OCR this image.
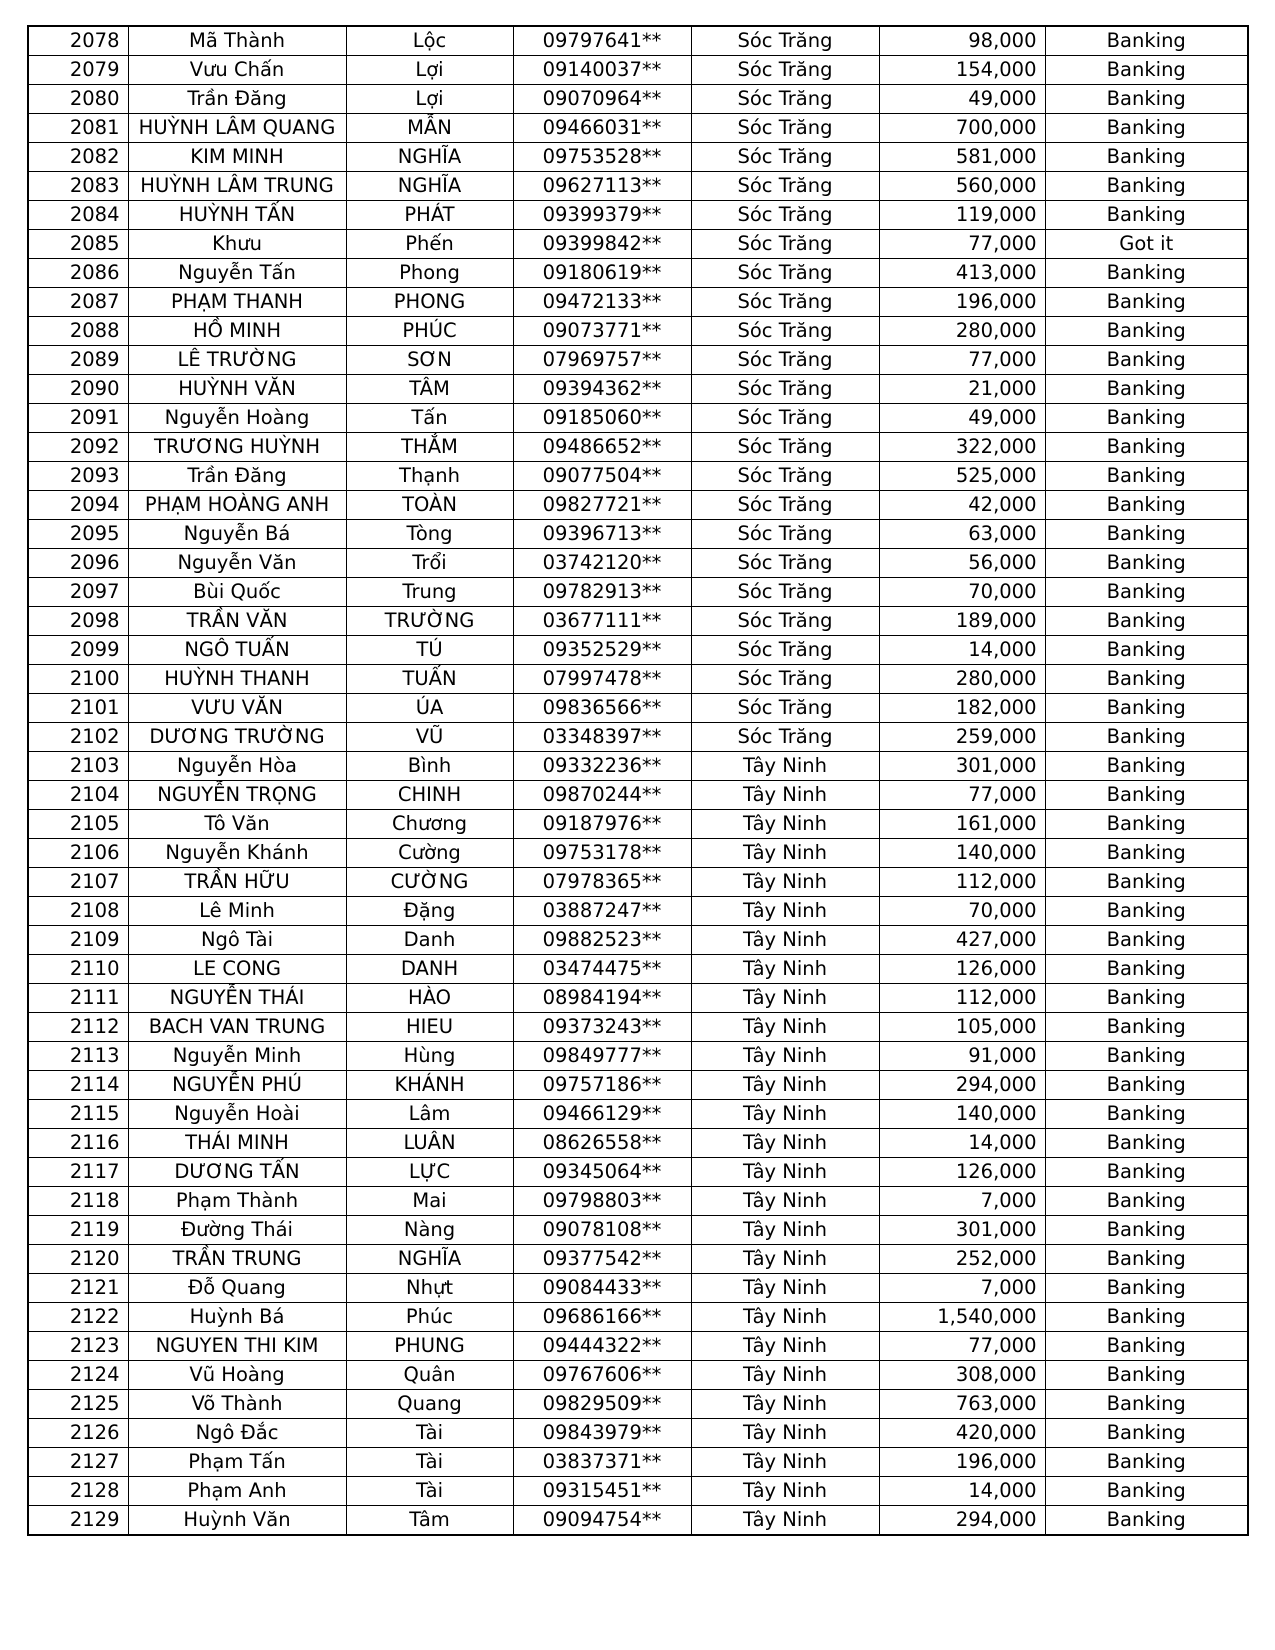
2078	Mã Thành	Lộc	09797641**	Sóc Trăng	98,000	Banking
2079	Vưu Chấn	Lợi	09140037**	Sóc Trăng	154,000	Banking
2080	Trần Đăng	Lợi	09070964**	Sóc Trăng	49,000	Banking
2081	HUỲNH LÂM QUANG	MẪN	09466031**	Sóc Trăng	700,000	Banking
2082	KIM MINH	NGHĨA	09753528**	Sóc Trăng	581,000	Banking
2083	HUỲNH LÂM TRUNG	NGHĨA	09627113**	Sóc Trăng	560,000	Banking
2084	HUỲNH TẤN	PHÁT	09399379**	Sóc Trăng	119,000	Banking
2085	Khưu	Phến	09399842**	Sóc Trăng	77,000	Got it
2086	Nguyễn Tấn	Phong	09180619**	Sóc Trăng	413,000	Banking
2087	PHẠM THANH	PHONG	09472133**	Sóc Trăng	196,000	Banking
2088	HỒ MINH	PHÚC	09073771**	Sóc Trăng	280,000	Banking
2089	LÊ TRƯỜNG	SƠN	07969757**	Sóc Trăng	77,000	Banking
2090	HUỲNH VĂN	TÂM	09394362**	Sóc Trăng	21,000	Banking
2091	Nguyễn Hoàng	Tấn	09185060**	Sóc Trăng	49,000	Banking
2092	TRƯƠNG HUỲNH	THẮM	09486652**	Sóc Trăng	322,000	Banking
2093	Trần Đăng	Thạnh	09077504**	Sóc Trăng	525,000	Banking
2094	PHẠM HOÀNG ANH	TOÀN	09827721**	Sóc Trăng	42,000	Banking
2095	Nguyễn Bá	Tòng	09396713**	Sóc Trăng	63,000	Banking
2096	Nguyễn Văn	Trổi	03742120**	Sóc Trăng	56,000	Banking
2097	Bùi Quốc	Trung	09782913**	Sóc Trăng	70,000	Banking
2098	TRẦN VĂN	TRƯỜNG	03677111**	Sóc Trăng	189,000	Banking
2099	NGÔ TUẤN	TÚ	09352529**	Sóc Trăng	14,000	Banking
2100	HUỲNH THANH	TUẤN	07997478**	Sóc Trăng	280,000	Banking
2101	VƯU VĂN	ÚA	09836566**	Sóc Trăng	182,000	Banking
2102	DƯƠNG TRƯỜNG	VŨ	03348397**	Sóc Trăng	259,000	Banking
2103	Nguyễn Hòa	Bình	09332236**	Tây Ninh	301,000	Banking
2104	NGUYỄN TRỌNG	CHINH	09870244**	Tây Ninh	77,000	Banking
2105	Tô Văn	Chương	09187976**	Tây Ninh	161,000	Banking
2106	Nguyễn Khánh	Cường	09753178**	Tây Ninh	140,000	Banking
2107	TRẦN HỮU	CƯỜNG	07978365**	Tây Ninh	112,000	Banking
2108	Lê Minh	Đặng	03887247**	Tây Ninh	70,000	Banking
2109	Ngô Tài	Danh	09882523**	Tây Ninh	427,000	Banking
2110	LE CONG	DANH	03474475**	Tây Ninh	126,000	Banking
2111	NGUYỄN THÁI	HÀO	08984194**	Tây Ninh	112,000	Banking
2112	BACH VAN TRUNG	HIEU	09373243**	Tây Ninh	105,000	Banking
2113	Nguyễn Minh	Hùng	09849777**	Tây Ninh	91,000	Banking
2114	NGUYỄN PHÚ	KHÁNH	09757186**	Tây Ninh	294,000	Banking
2115	Nguyễn Hoài	Lâm	09466129**	Tây Ninh	140,000	Banking
2116	THÁI MINH	LUÂN	08626558**	Tây Ninh	14,000	Banking
2117	DƯƠNG TẤN	LỰC	09345064**	Tây Ninh	126,000	Banking
2118	Phạm Thành	Mai	09798803**	Tây Ninh	7,000	Banking
2119	Đường Thái	Nàng	09078108**	Tây Ninh	301,000	Banking
2120	TRẦN TRUNG	NGHĨA	09377542**	Tây Ninh	252,000	Banking
2121	Đỗ Quang	Nhựt	09084433**	Tây Ninh	7,000	Banking
2122	Huỳnh Bá	Phúc	09686166**	Tây Ninh	1,540,000	Banking
2123	NGUYEN THI KIM	PHUNG	09444322**	Tây Ninh	77,000	Banking
2124	Vũ Hoàng	Quân	09767606**	Tây Ninh	308,000	Banking
2125	Võ Thành	Quang	09829509**	Tây Ninh	763,000	Banking
2126	Ngô Đắc	Tài	09843979**	Tây Ninh	420,000	Banking
2127	Phạm Tấn	Tài	03837371**	Tây Ninh	196,000	Banking
2128	Phạm Anh	Tài	09315451**	Tây Ninh	14,000	Banking
2129	Huỳnh Văn	Tâm	09094754**	Tây Ninh	294,000	Banking
